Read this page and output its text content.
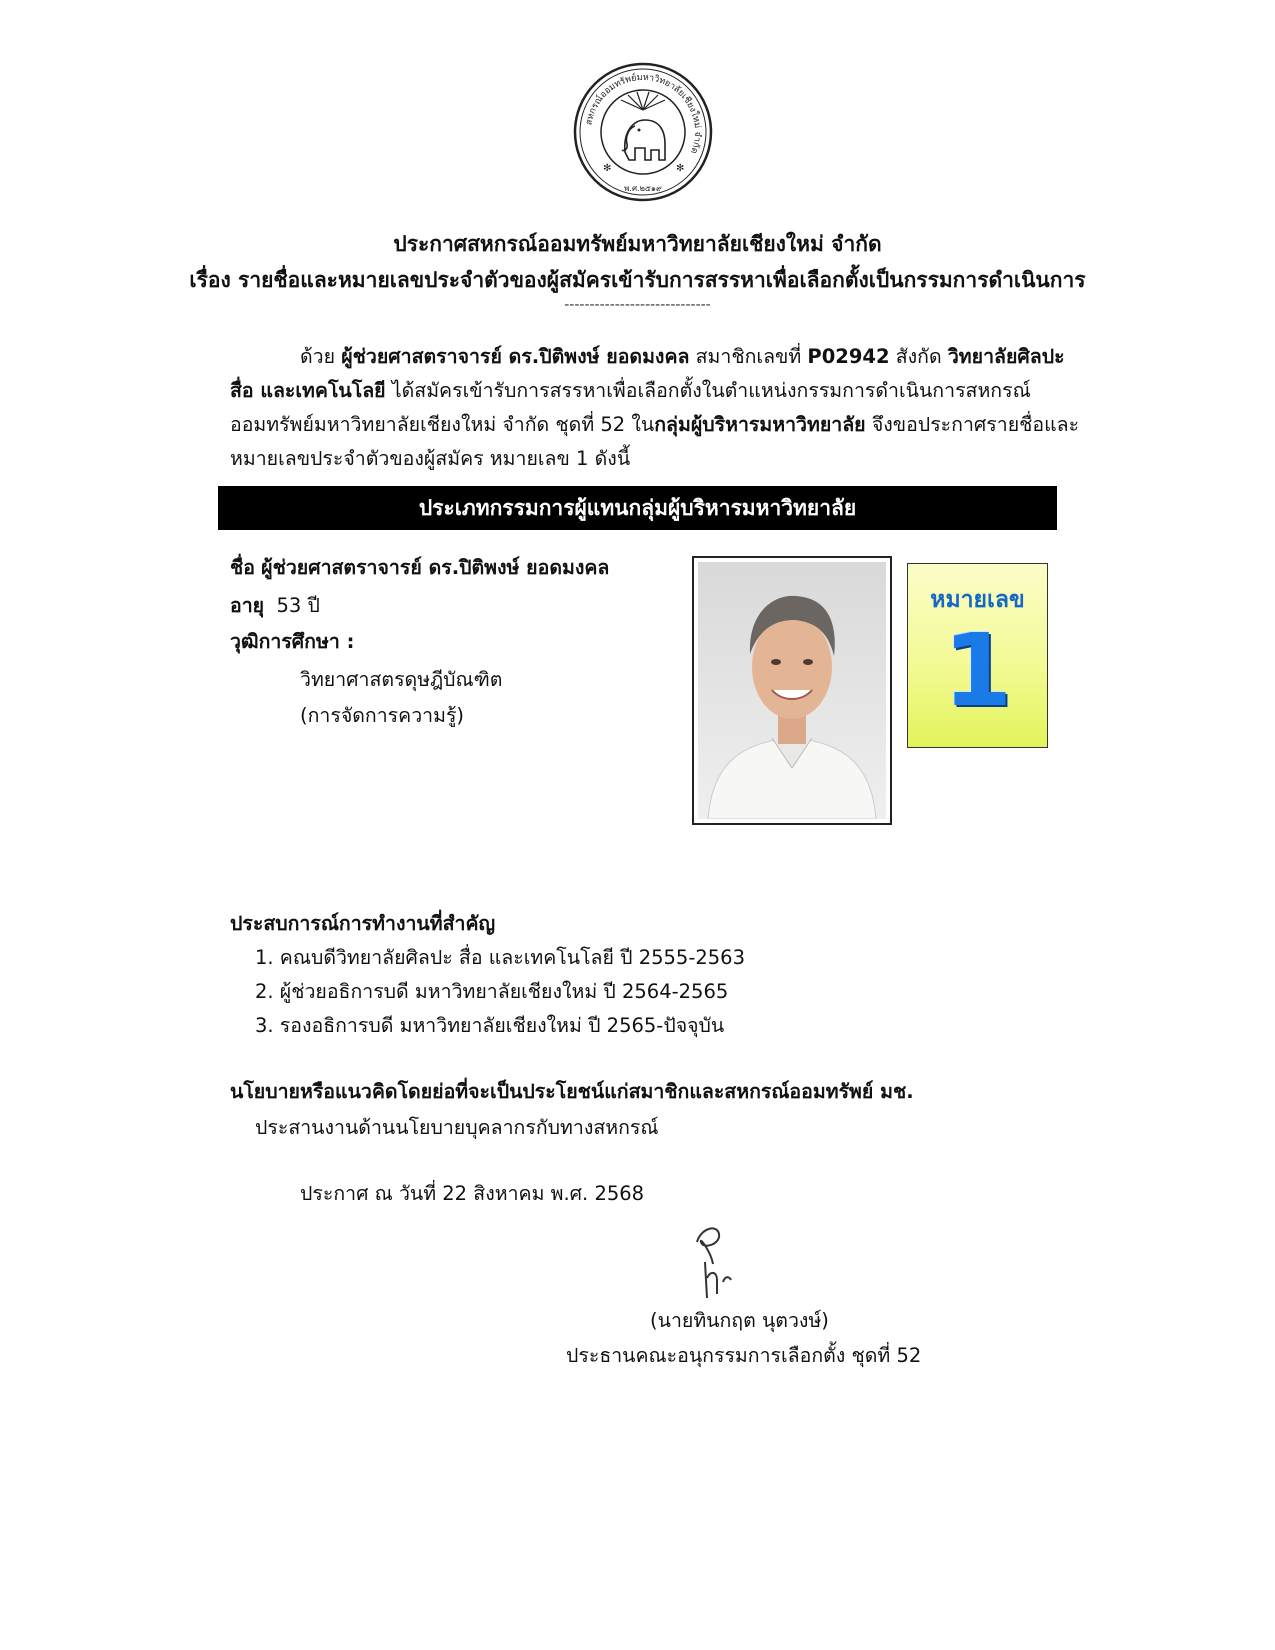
สหกรณ์ออมทรัพย์มหาวิทยาลัยเชียงใหม่ จำกัด
พ.ศ.๒๕๑๙
✻	✻
ประกาศสหกรณ์ออมทรัพย์มหาวิทยาลัยเชียงใหม่ จำกัด
เรื่อง รายชื่อและหมายเลขประจำตัวของผู้สมัครเข้ารับการสรรหาเพื่อเลือกตั้งเป็นกรรมการดำเนินการ
-----------------------------
ด้วย ผู้ช่วยศาสตราจารย์ ดร.ปิติพงษ์ ยอดมงคล สมาชิกเลขที่ P02942 สังกัด วิทยาลัยศิลปะ
สื่อ และเทคโนโลยี ได้สมัครเข้ารับการสรรหาเพื่อเลือกตั้งในตำแหน่งกรรมการดำเนินการสหกรณ์
ออมทรัพย์มหาวิทยาลัยเชียงใหม่ จำกัด ชุดที่ 52 ในกลุ่มผู้บริหารมหาวิทยาลัย จึงขอประกาศรายชื่อและ
หมายเลขประจำตัวของผู้สมัคร หมายเลข 1 ดังนี้
ประเภทกรรมการผู้แทนกลุ่มผู้บริหารมหาวิทยาลัย
ชื่อ ผู้ช่วยศาสตราจารย์ ดร.ปิติพงษ์ ยอดมงคล
อายุ 53 ปี
วุฒิการศึกษา :
วิทยาศาสตรดุษฎีบัณฑิต
(การจัดการความรู้)
หมายเลข
1
ประสบการณ์การทำงานที่สำคัญ
1. คณบดีวิทยาลัยศิลปะ สื่อ และเทคโนโลยี ปี 2555-2563
2. ผู้ช่วยอธิการบดี มหาวิทยาลัยเชียงใหม่ ปี 2564-2565
3. รองอธิการบดี มหาวิทยาลัยเชียงใหม่ ปี 2565-ปัจจุบัน
นโยบายหรือแนวคิดโดยย่อที่จะเป็นประโยชน์แก่สมาชิกและสหกรณ์ออมทรัพย์ มช.
ประสานงานด้านนโยบายบุคลากรกับทางสหกรณ์
ประกาศ ณ วันที่ 22 สิงหาคม พ.ศ. 2568
(นายทินกฤต นุตวงษ์)
ประธานคณะอนุกรรมการเลือกตั้ง ชุดที่ 52
